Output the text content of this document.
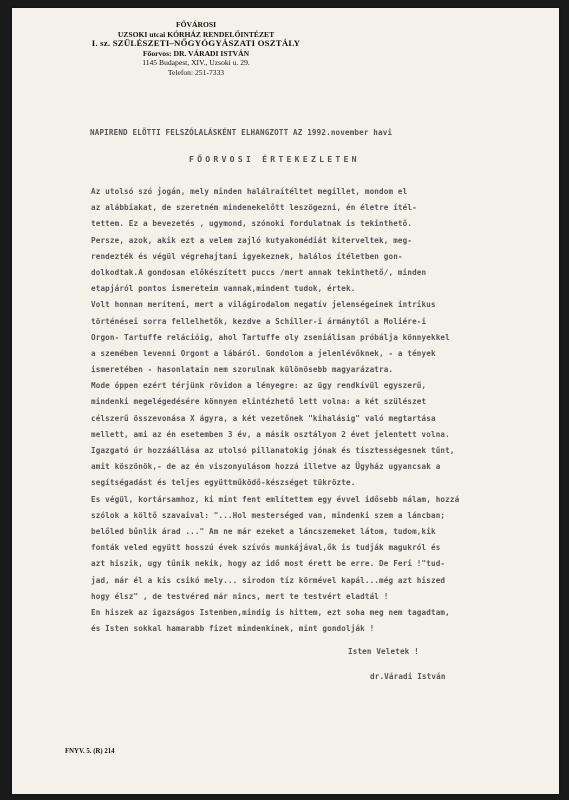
FŐVÁROSI
UZSOKI utcai KÓRHÁZ RENDELŐINTÉZET
I. sz. SZÜLÉSZETI–NŐGYÓGYÁSZATI OSZTÁLY
Főorvos: DR. VÁRADI ISTVÁN
1145 Budapest, XIV., Uzsoki u. 29.
Telefon: 251-7333
NAPIREND ELŐTTI FELSZÓLALÁSKÉNT ELHANGZOTT AZ 1992.november havi
FŐORVOSI ÉRTEKEZLETEN
Az utolsó szó jogán, mely minden halálraítéltet megillet, mondom el
az alábbiakat, de szeretném mindenekelőtt leszögezni, én életre ítél-
tettem. Ez a bevezetés , ugymond, szónoki fordulatnak is tekinthető.
Persze, azok, akik ezt a velem zajló kutyakomédiát kiterveltek, meg-
rendezték és végül végrehajtani igyekeznek, halálos ítéletben gon-
dolkodtak.A gondosan előkészített puccs /mert annak tekinthető/, minden
etapjáról pontos ismereteim vannak,mindent tudok, értek.
Volt honnan meríteni, mert a világirodalom negatív jelenségeinek intrikus
történései sorra fellelhetők, kezdve a Schiller-i ármánytól a Moliére-i
Orgon- Tartuffe relációig, ahol Tartuffe oly zseniálisan próbálja könnyekkel
a szemében levenni Orgont a lábáról. Gondolom a jelenlévőknek, - a tények
ismeretében - hasonlatain nem szorulnak különösebb magyarázatra.
Mode óppen ezért térjünk rövidon a lényegre: az ügy rendkívül egyszerű,
mindenki megelégedésére könnyen elintézhető lett volna: a két szülészet
célszerű összevonása X ágyra, a két vezetőnek "kihalásig" való megtartása
mellett, ami az én esetemben 3 év, a másik osztályon 2 évet jelentett volna.
Igazgató úr hozzáállása az utolsó pillanatokig jónak és tisztességesnek tűnt,
amit köszönök,- de az én viszonyulásom hozzá illetve az Ügyház ugyancsak a
segítségadást és teljes együttműködő-készséget tükrözte.
Es végül, kortársamhoz, ki mint fent említettem egy évvel idősebb nálam, hozzá
szólok a költő szavaival: "...Hol mesterséged van, mindenki szem a láncban;
belőled bűnlik árad ..." Am ne már ezeket a láncszemeket látom, tudom,kik
fonták veled együtt hosszú évek szívós munkájával,ők is tudják magukról és
azt hiszik, ugy tűnik nekik, hogy az idő most érett be erre. De Feri !"tud-
jad, már él a kis csikó mely... sirodon tíz körmével kapál...még azt hiszed
hogy élsz" , de testvéred már nincs, mert te testvért eladtál !
En hiszek az igazságos Istenben,mindig is hittem, ezt soha meg nem tagadtam,
és Isten sokkal hamarabb fizet mindenkinek, mint gondolják !
Isten Veletek !
dr.Váradi István
FNYV. 5. (R) 214
